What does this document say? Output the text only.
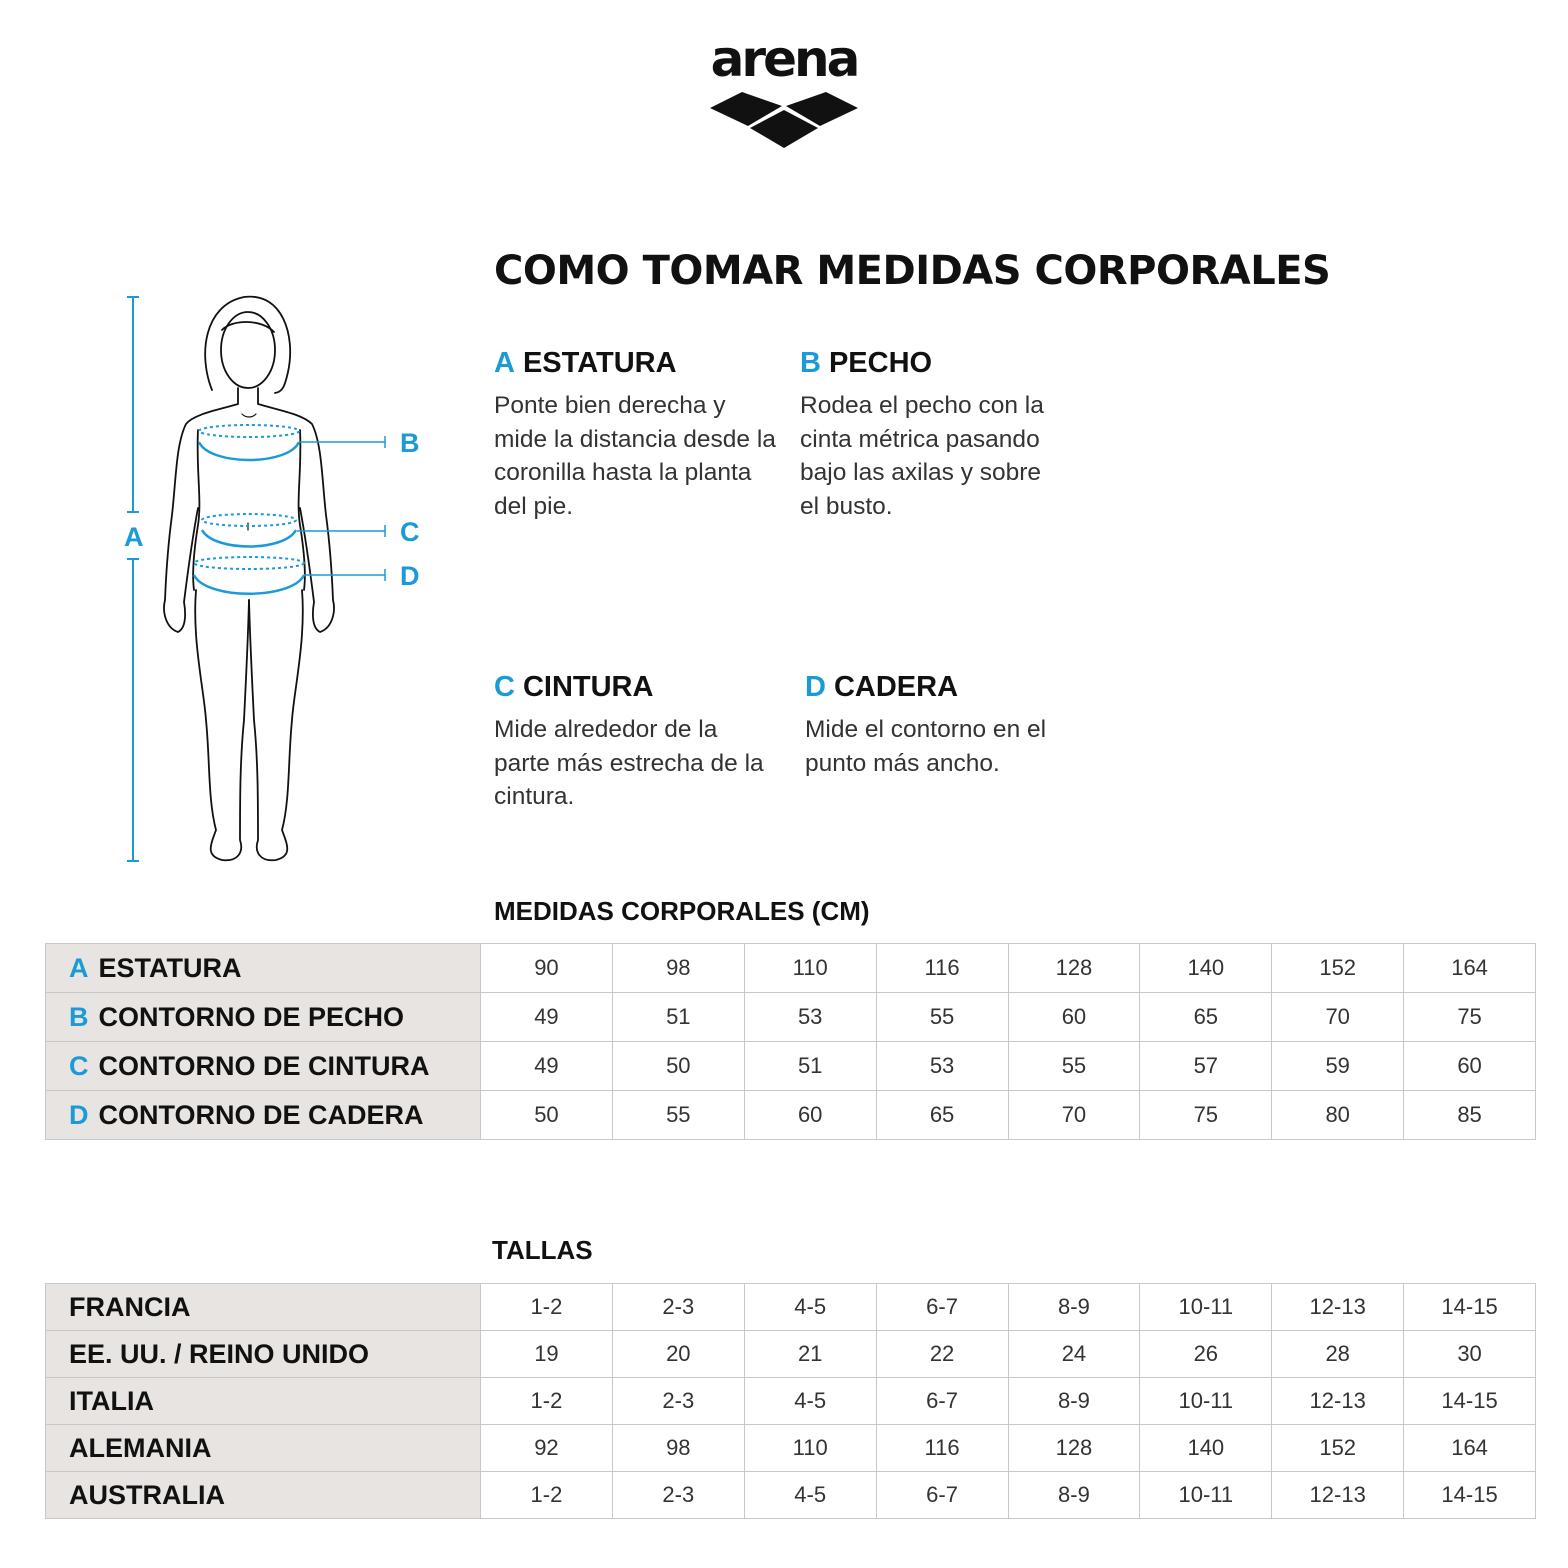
arena
COMO TOMAR MEDIDAS CORPORALES
A
B
C
D
A ESTATURA
Ponte bien derecha y mide la distancia desde la coronilla hasta la planta del pie.
B PECHO
Rodea el pecho con la cinta métrica pasando bajo las axilas y sobre el busto.
C CINTURA
Mide alrededor de la parte más estrecha de la cintura.
D CADERA
Mide el contorno en el punto más ancho.
MEDIDAS CORPORALES (CM)
A ESTATURA	90	98	110	116	128	140	152	164
B CONTORNO DE PECHO	49	51	53	55	60	65	70	75
C CONTORNO DE CINTURA	49	50	51	53	55	57	59	60
D CONTORNO DE CADERA	50	55	60	65	70	75	80	85
TALLAS
FRANCIA	1-2	2-3	4-5	6-7	8-9	10-11	12-13	14-15
EE. UU. / REINO UNIDO	19	20	21	22	24	26	28	30
ITALIA	1-2	2-3	4-5	6-7	8-9	10-11	12-13	14-15
ALEMANIA	92	98	110	116	128	140	152	164
AUSTRALIA	1-2	2-3	4-5	6-7	8-9	10-11	12-13	14-15
